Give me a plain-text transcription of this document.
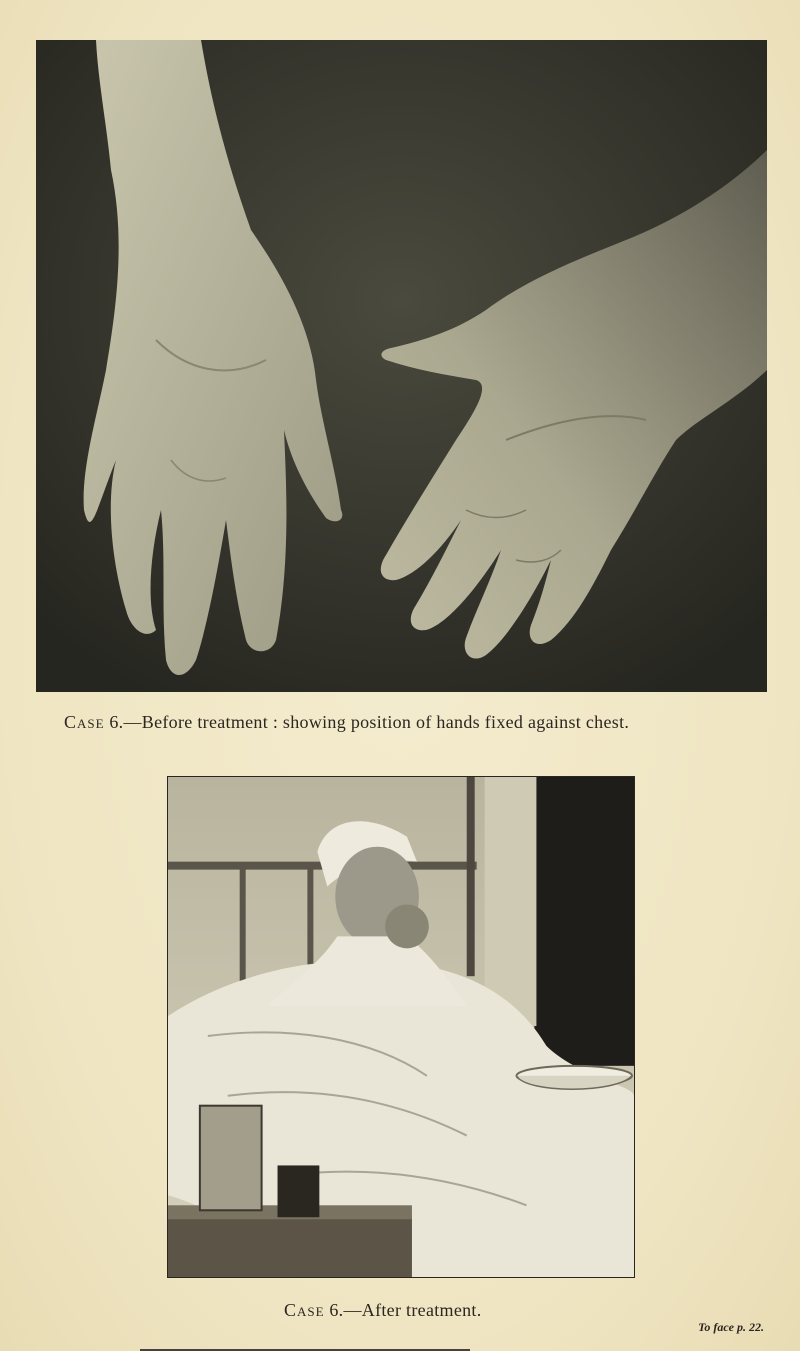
Case 6.—Before treatment : showing position of hands fixed against chest.
Case 6.—After treatment.
To face p. 22.
